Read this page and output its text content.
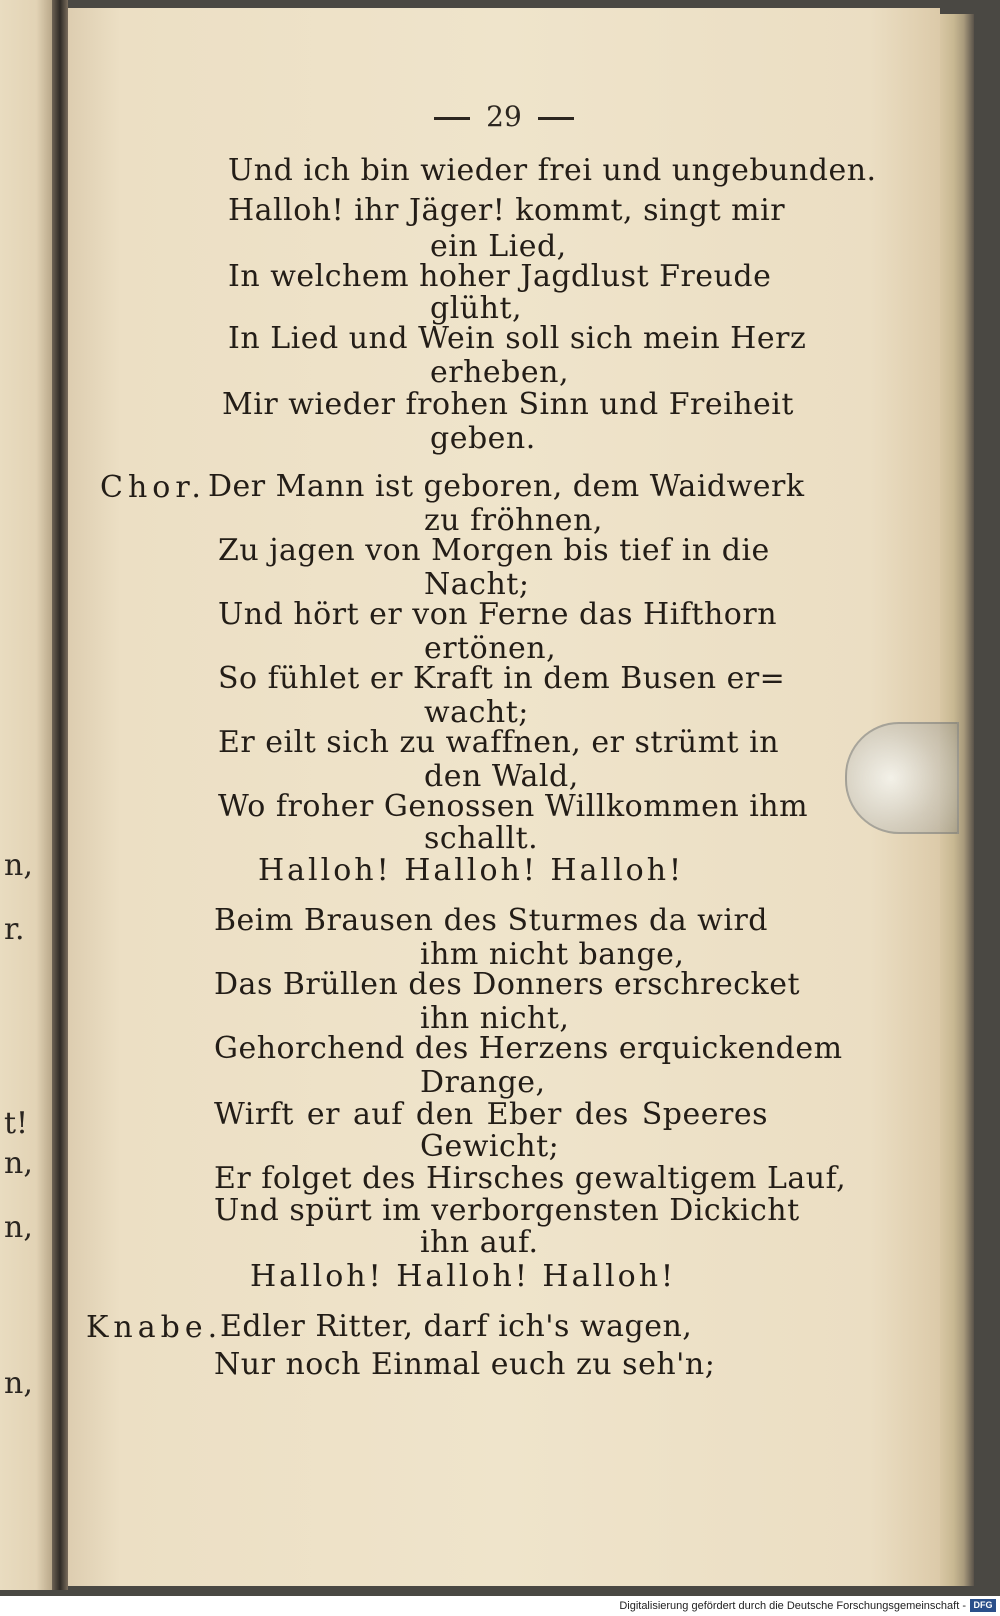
n,
r.
t!
n,
n,
n,
29
Und ich bin wieder frei und ungebunden.
Halloh! ihr Jäger! kommt, singt mir
ein Lied,
In welchem hoher Jagdlust Freude
glüht,
In Lied und Wein soll sich mein Herz
erheben,
Mir wieder frohen Sinn und Freiheit
geben.
Chor. Der Mann ist geboren, dem Waidwerk
zu fröhnen,
Zu jagen von Morgen bis tief in die
Nacht;
Und hört er von Ferne das Hifthorn
ertönen,
So fühlet er Kraft in dem Busen er=
wacht;
Er eilt sich zu waffnen, er strümt in
den Wald,
Wo froher Genossen Willkommen ihm
schallt.
Halloh! Halloh! Halloh!
Beim Brausen des Sturmes da wird
ihm nicht bange,
Das Brüllen des Donners erschrecket
ihn nicht,
Gehorchend des Herzens erquickendem
Drange,
Wirft er auf den Eber des Speeres
Gewicht;
Er folget des Hirsches gewaltigem Lauf,
Und spürt im verborgensten Dickicht
ihn auf.
Halloh! Halloh! Halloh!
Knabe.
Edler Ritter, darf ich's wagen,
Nur noch Einmal euch zu seh'n;
Digitalisierung gefördert durch die Deutsche Forschungsgemeinschaft - DFG
